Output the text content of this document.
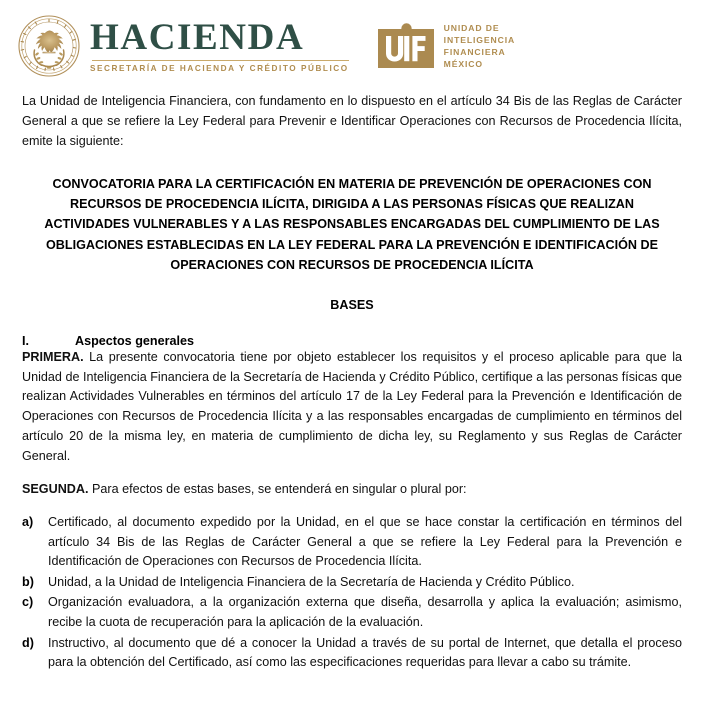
HACIENDA
SECRETARÍA DE HACIENDA Y CRÉDITO PÚBLICO
UNIDAD DE
INTELIGENCIA
FINANCIERA
MÉXICO

La Unidad de Inteligencia Financiera, con fundamento en lo dispuesto en el artículo 34 Bis de las Reglas de Carácter General a que se refiere la Ley Federal para Prevenir e Identificar Operaciones con Recursos de Procedencia Ilícita, emite la siguiente:

CONVOCATORIA PARA LA CERTIFICACIÓN EN MATERIA DE PREVENCIÓN DE OPERACIONES CON RECURSOS DE PROCEDENCIA ILÍCITA, DIRIGIDA A LAS PERSONAS FÍSICAS QUE REALIZAN ACTIVIDADES VULNERABLES Y A LAS RESPONSABLES ENCARGADAS DEL CUMPLIMIENTO DE LAS OBLIGACIONES ESTABLECIDAS EN LA LEY FEDERAL PARA LA PREVENCIÓN E IDENTIFICACIÓN DE OPERACIONES CON RECURSOS DE PROCEDENCIA ILÍCITA
BASES
I.	Aspectos generales

PRIMERA. La presente convocatoria tiene por objeto establecer los requisitos y el proceso aplicable para que la Unidad de Inteligencia Financiera de la Secretaría de Hacienda y Crédito Público, certifique a las personas físicas que realizan Actividades Vulnerables en términos del artículo 17 de la Ley Federal para la Prevención e Identificación de Operaciones con Recursos de Procedencia Ilícita y a las responsables encargadas de cumplimiento en términos del artículo 20 de la misma ley, en materia de cumplimiento de dicha ley, su Reglamento y sus Reglas de Carácter General.

SEGUNDA. Para efectos de estas bases, se entenderá en singular o plural por:

a)	Certificado, al documento expedido por la Unidad, en el que se hace constar la certificación en términos del artículo 34 Bis de las Reglas de Carácter General a que se refiere la Ley Federal para la Prevención e Identificación de Operaciones con Recursos de Procedencia Ilícita.
b)	Unidad, a la Unidad de Inteligencia Financiera de la Secretaría de Hacienda y Crédito Público.
c)	Organización evaluadora, a la organización externa que diseña, desarrolla y aplica la evaluación; asimismo, recibe la cuota de recuperación para la aplicación de la evaluación.
d)	Instructivo, al documento que dé a conocer la Unidad a través de su portal de Internet, que detalla el proceso para la obtención del Certificado, así como las especificaciones requeridas para llevar a cabo su trámite.
